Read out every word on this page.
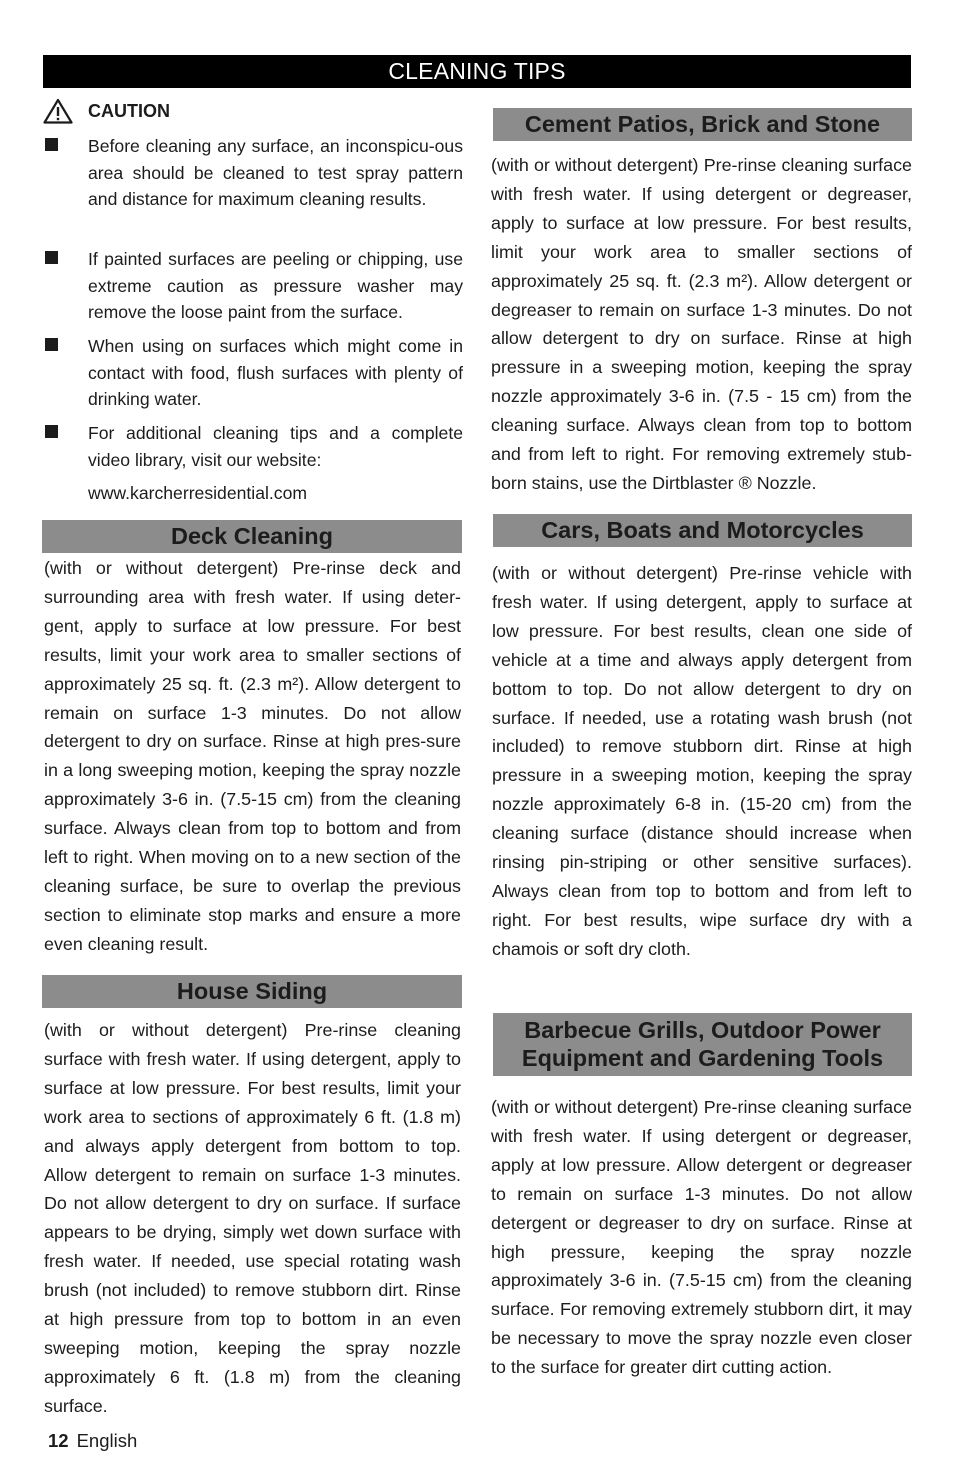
CLEANING TIPS
CAUTION

Before cleaning any surface, an inconspicu-ous area should be cleaned to test spray pattern and distance for maximum cleaning results.

If painted surfaces are peeling or chipping, use extreme caution as pressure washer may remove the loose paint from the surface.

When using on surfaces which might come in contact with food, flush surfaces with plenty of drinking water.

For additional cleaning tips and a complete video library, visit our website:

www.karcherresidential.com
Deck Cleaning

(with or without detergent) Pre-rinse deck and surrounding area with fresh water. If using deter-gent, apply to surface at low pressure. For best results, limit your work area to smaller sections of approximately 25 sq. ft. (2.3 m²). Allow detergent to remain on surface 1-3 minutes. Do not allow detergent to dry on surface. Rinse at high pres-sure in a long sweeping motion, keeping the spray nozzle approximately 3-6 in. (7.5-15 cm) from the cleaning surface. Always clean from top to bottom and from left to right. When moving on to a new section of the cleaning surface, be sure to overlap the previous section to eliminate stop marks and ensure a more even cleaning result.

House Siding

(with or without detergent) Pre-rinse cleaning surface with fresh water. If using detergent, apply to surface at low pressure. For best results, limit your work area to sections of approximately 6 ft. (1.8 m) and always apply detergent from bottom to top. Allow detergent to remain on surface 1-3 minutes. Do not allow detergent to dry on surface. If surface appears to be drying, simply wet down surface with fresh water. If needed, use special rotating wash brush (not included) to remove stubborn dirt. Rinse at high pressure from top to bottom in an even sweeping motion, keeping the spray nozzle approximately 6 ft. (1.8 m) from the cleaning surface.

Cement Patios, Brick and Stone

(with or without detergent) Pre-rinse cleaning surface with fresh water. If using detergent or degreaser, apply to surface at low pressure. For best results, limit your work area to smaller sections of approximately 25 sq. ft. (2.3 m²). Allow detergent or degreaser to remain on surface 1-3 minutes. Do not allow detergent to dry on surface. Rinse at high pressure in a sweeping motion, keeping the spray nozzle approximately 3-6 in. (7.5 - 15 cm) from the cleaning surface. Always clean from top to bottom and from left to right. For removing extremely stub-born stains, use the Dirtblaster ® Nozzle.

Cars, Boats and Motorcycles

(with or without detergent) Pre-rinse vehicle with fresh water. If using detergent, apply to surface at low pressure. For best results, clean one side of vehicle at a time and always apply detergent from bottom to top. Do not allow detergent to dry on surface. If needed, use a rotating wash brush (not included) to remove stubborn dirt. Rinse at high pressure in a sweeping motion, keeping the spray nozzle approximately 6-8 in. (15-20 cm) from the cleaning surface (distance should increase when rinsing pin-striping or other sensitive surfaces). Always clean from top to bottom and from left to right. For best results, wipe surface dry with a chamois or soft dry cloth.

Barbecue Grills, Outdoor Power
Equipment and Gardening Tools

(with or without detergent) Pre-rinse cleaning surface with fresh water. If using detergent or degreaser, apply at low pressure. Allow detergent or degreaser to remain on surface 1-3 minutes. Do not allow detergent or degreaser to dry on surface. Rinse at high pressure, keeping the spray nozzle approximately 3-6 in. (7.5-15 cm) from the cleaning surface. For removing extremely stubborn dirt, it may be necessary to move the spray nozzle even closer to the surface for greater dirt cutting action.

12 English
